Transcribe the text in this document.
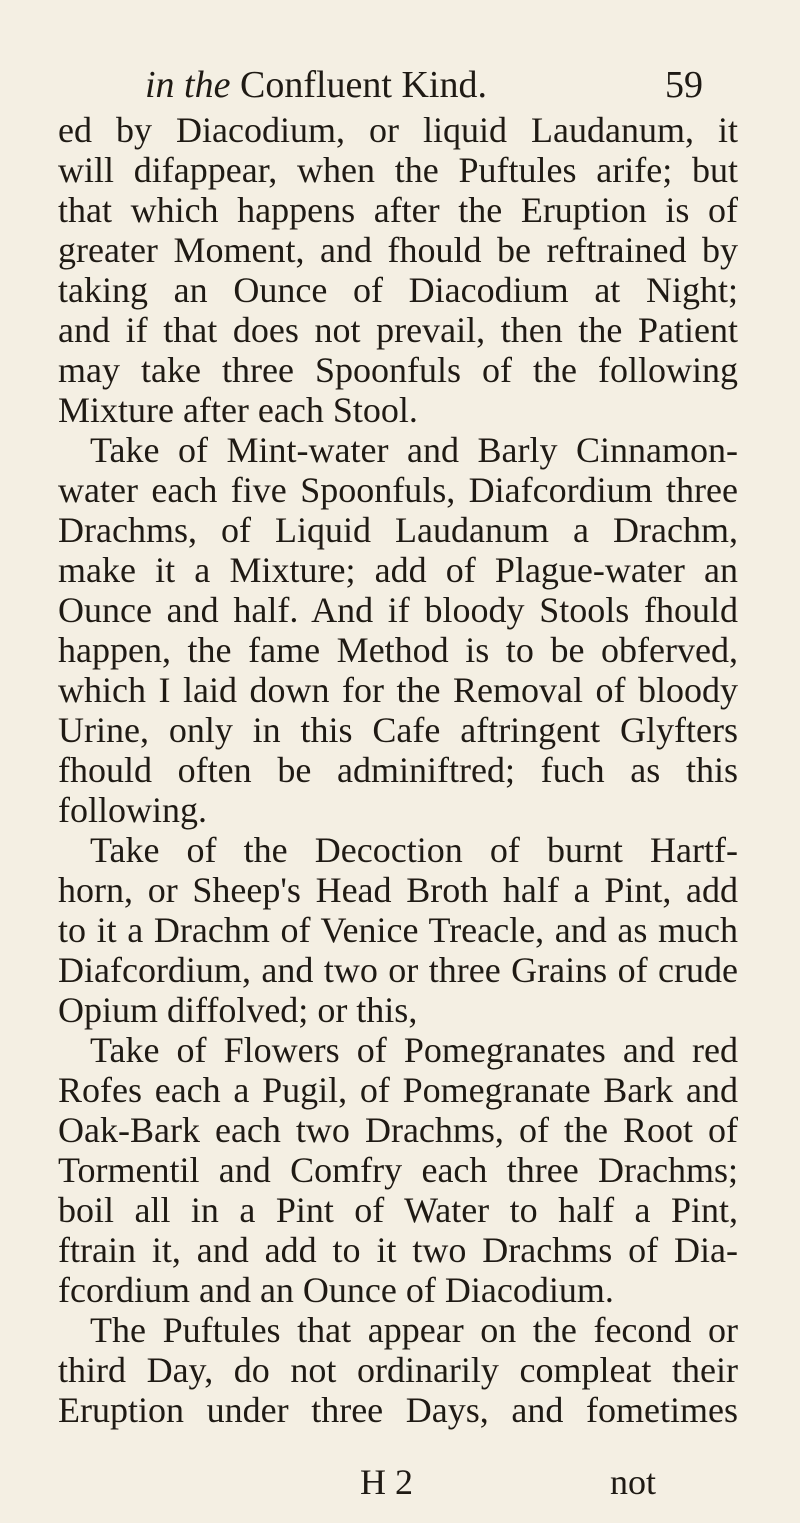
in the Confluent Kind.	59
ed by Diacodium, or liquid Laudanum, it
will difappear, when the Puftules arife; but
that which happens after the Eruption is of
greater Moment, and fhould be reftrained by
taking an Ounce of Diacodium at Night;
and if that does not prevail, then the Patient
may take three Spoonfuls of the following
Mixture after each Stool.
Take of Mint-water and Barly Cinnamon-
water each five Spoonfuls, Diafcordium three
Drachms, of Liquid Laudanum a Drachm,
make it a Mixture; add of Plague-water an
Ounce and half. And if bloody Stools fhould
happen, the fame Method is to be obferved,
which I laid down for the Removal of bloody
Urine, only in this Cafe aftringent Glyfters
fhould often be adminiftred; fuch as this
following.
Take of the Decoction of burnt Hartf-
horn, or Sheep's Head Broth half a Pint, add
to it a Drachm of Venice Treacle, and as much
Diafcordium, and two or three Grains of crude
Opium diffolved; or this,
Take of Flowers of Pomegranates and red
Rofes each a Pugil, of Pomegranate Bark and
Oak-Bark each two Drachms, of the Root of
Tormentil and Comfry each three Drachms;
boil all in a Pint of Water to half a Pint,
ftrain it, and add to it two Drachms of Dia-
fcordium and an Ounce of Diacodium.
The Puftules that appear on the fecond or
third Day, do not ordinarily compleat their
Eruption under three Days, and fometimes
H 2	not
